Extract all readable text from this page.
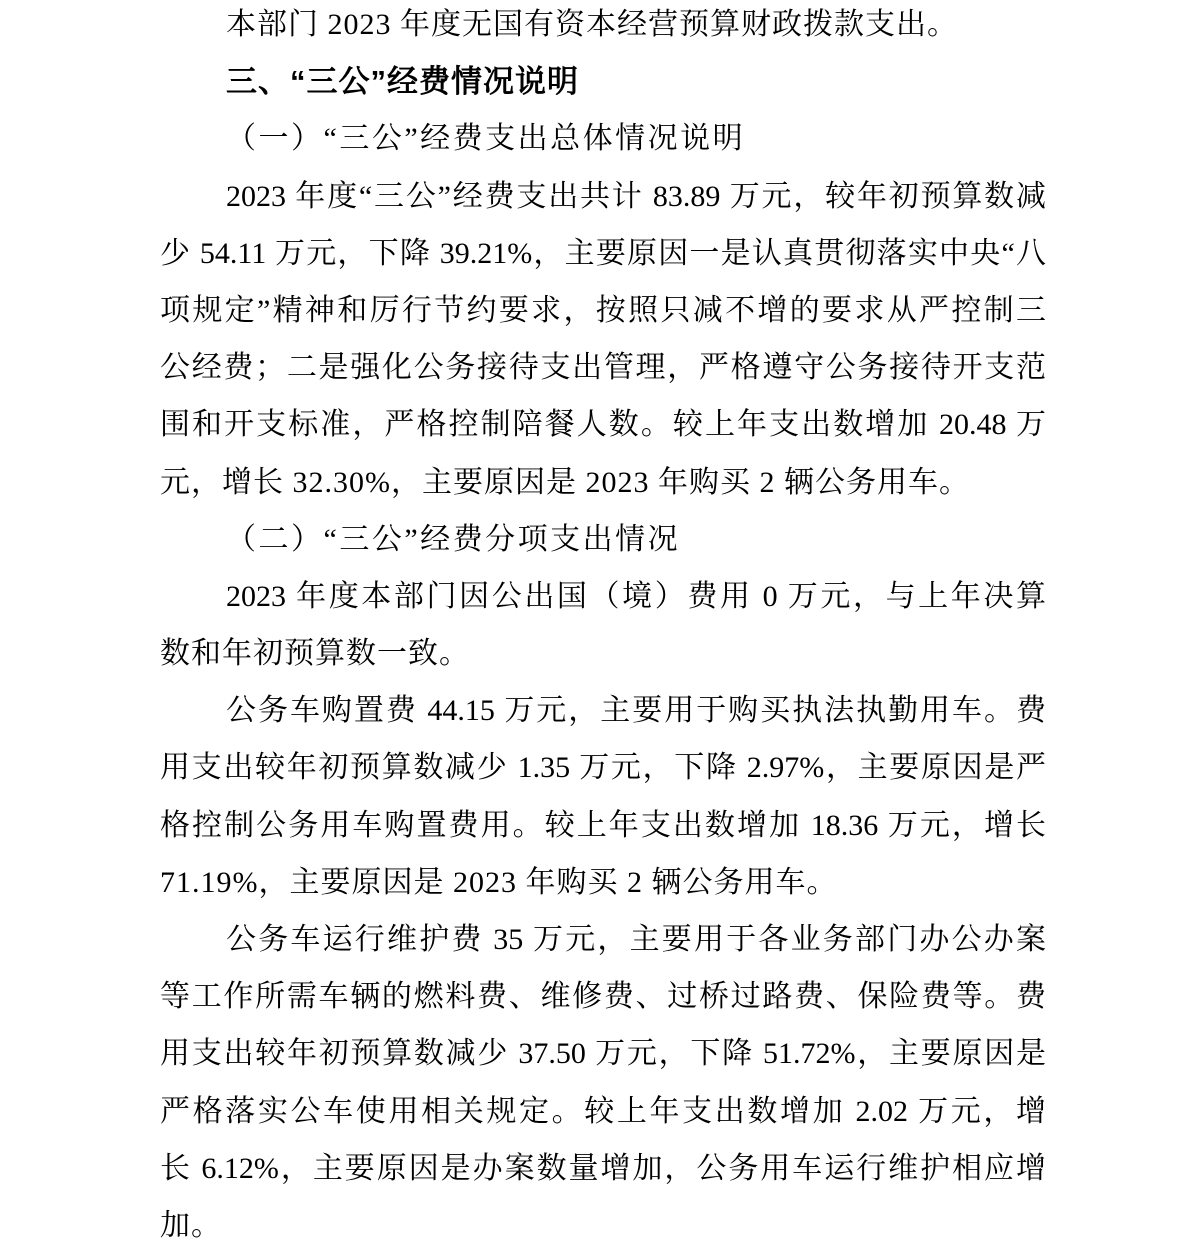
本部门 2023 年度无国有资本经营预算财政拨款支出。
三、“三公”经费情况说明
（一）“三公”经费支出总体情况说明
2023 年度“三公”经费支出共计 83.89 万元，较年初预算数减
少 54.11 万元，下降 39.21%，主要原因一是认真贯彻落实中央“八
项规定”精神和厉行节约要求，按照只减不增的要求从严控制三
公经费；二是强化公务接待支出管理，严格遵守公务接待开支范
围和开支标准，严格控制陪餐人数。较上年支出数增加 20.48 万
元，增长 32.30%，主要原因是 2023 年购买 2 辆公务用车。
（二）“三公”经费分项支出情况
2023 年度本部门因公出国（境）费用 0 万元，与上年决算
数和年初预算数一致。
公务车购置费 44.15 万元，主要用于购买执法执勤用车。费
用支出较年初预算数减少 1.35 万元，下降 2.97%，主要原因是严
格控制公务用车购置费用。较上年支出数增加 18.36 万元，增长
71.19%，主要原因是 2023 年购买 2 辆公务用车。
公务车运行维护费 35 万元，主要用于各业务部门办公办案
等工作所需车辆的燃料费、维修费、过桥过路费、保险费等。费
用支出较年初预算数减少 37.50 万元，下降 51.72%，主要原因是
严格落实公车使用相关规定。较上年支出数增加 2.02 万元，增
长 6.12%，主要原因是办案数量增加，公务用车运行维护相应增
加。
